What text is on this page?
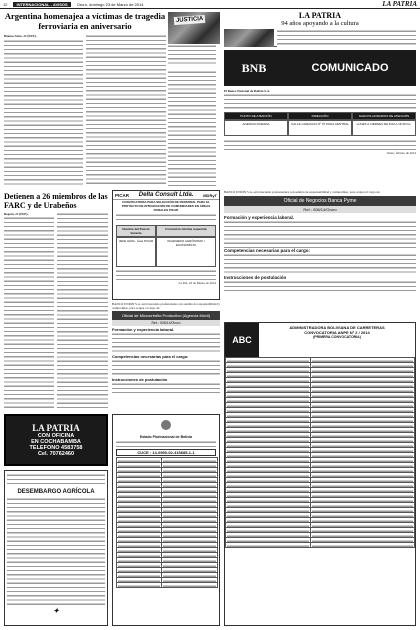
12	INTERNACIONAL - AVISOS	Oruro, domingo 23 de Marzo de 2014	LA PATRIA
Argentina homenajea a víctimas de tragedia ferroviaria en aniversario
Buenos Aires, 22 (EFE).-
JUSTICIA	LA PATRIA
94 años apoyando a la cultura
BNB	COMUNICADO
El Banco Nacional de Bolivia S.A.
PUNTO DE ATENCIÓN	DIRECCIÓN	NUEVOS HORARIOS DE ATENCIÓN
AGENCIA RAMADA	CALLE CAMACHO Nº 76 ZONA CENTRAL	LUNES A VIERNES DE 8:00 A 16:30 hrs.
Oruro, febrero de 2014
PICAR Delta Consult Ltda. MDRyT
CONVOCATORIA PARA SELECCIÓN DE PERSONAL PARA EL PROYECTO DE INTEGRACIÓN DE COMUNIDADES EN ÁREAS RURALES PICAR
Nombre del Puesto Vacante
Formación mínima requerida
JEFE GRAL. Área PICAR	INGENIERO AGRÓNOMO / ECONOMISTA
La Paz, 23 de Marzo de 2014
BANCO UNIÓN S.A. está buscando profesionales con sentido de responsabilidad y compromiso, para ocupar el cargo de:
Oficial de Negocios Banca Pyme
Ref.: 008/14/Oruro
Formación y experiencia laboral.
Competencias necesarias para el cargo:
Instrucciones de postulación
Detienen a 26 miembros de las FARC y de Urabeños
Bogotá, 22 (EFE).-
BANCO UNIÓN S.A. está buscando profesionales con sentido de responsabilidad y compromiso, para ocupar el cargo de:
Oficial de Microcrédito Productivo (Agencia Móvil)
Ref.: 008/14/Oruro
Formación y experiencia laboral.
Competencias necesarias para el cargo:
Instrucciones de postulación
ABC
ADMINISTRADORA BOLIVIANA DE CARRETERAS
CONVOCATORIA ANPE Nº 2 / 2014
(PRIMERA CONVOCATORIA)

LA PATRIA
CON OFICINA
EN COCHABAMBA
TELEFONO 4583758
Cel. 70762460
Estado Plurinacional de Bolivia
CUCE : 14-0950-02-415685-1-1

DESEMBARGO AGRÍCOLA
✦
